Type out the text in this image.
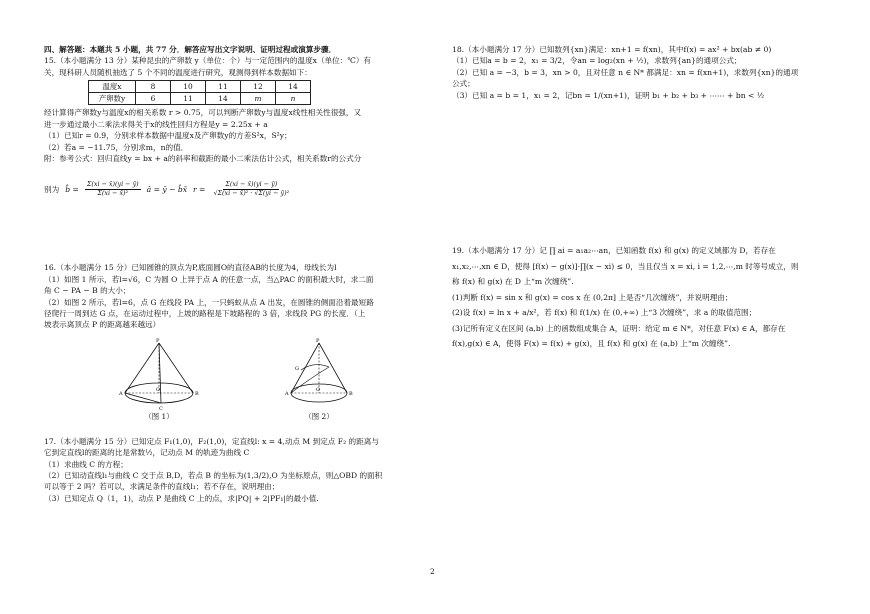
四、解答题：本题共 5 小题，共 77 分．解答应写出文字说明、证明过程或演算步骤．

15.（本小题满分 13 分）某种昆虫的产卵数 y（单位：个）与一定范围内的温度x（单位：℃）有

关，现科研人员随机抽选了 5 个不同的温度进行研究，观测得到样本数据如下：

温度x	8	10	11	12	14
产卵数y	6	11	14	m	n

经计算得产卵数y与温度x的相关系数 r > 0.75，可以判断产卵数y与温度x线性相关性很强，又

进一步通过最小二乘法求得关于x的线性回归方程是y = 2.25x + a

（1）已知r = 0.9，分别求样本数据中温度x及产卵数y的方差S²x，S²y；

（2）若a = −11.75，分别求m，n的值．

附：参考公式：回归直线y = bx + a的斜率和截距的最小二乘法估计公式，相关系数r的公式分

别为 b̂ = $\frac{\Sigma(xi - x̄)(yi - ȳ)}{\text{Σ(xi − x̄)²}}$ â = ȳ − b̂x̄ $r = \frac{\Sigma(xi - x̄)(yi - ȳ)}{\text{√Σ(xi − x̄)² · √Σ(yi − ȳ)²}}$

16.（本小题满分 15 分）已知圆锥的顶点为P,底面圆O的直径AB的长度为4，母线长为l

（1）如图 1 所示，若l=√6，C 为圆 O 上异于点 A 的任意一点，当△PAC 的面积最大时，求二面

角 C − PA − B 的大小；

（2）如图 2 所示，若l=6，点 G 在线段 PA 上，一只蚂蚁从点 A 出发，在圆锥的侧面沿着最短路

径爬行一周到达 G 点，在运动过程中，上坡的路程是下坡路程的 3 倍，求线段 PG 的长度．（上

坡表示离顶点 P 的距离越来越远）

P
A
O
B
C
（图 1）
P
G
A
O
B
（图 2）

17.（本小题满分 15 分）已知定点 F₁(1,0)，F₂(1,0)，定直线l: x = 4,动点 M 到定点 F₂ 的距离与

它到定直线l的距离的比是常数½，记动点 M 的轨迹为曲线 C

（1）求曲线 C 的方程；

（2）已知动直线l₁与曲线 C 交于点 B,D，若点 B 的坐标为(1,3/2),O 为坐标原点，则△OBD 的面积

可以等于 2 吗？若可以，求满足条件的直线l₁；若不存在，说明理由；

（3）已知定点 Q（1，1)，动点 P 是曲线 C 上的点，求|PQ| + 2|PF₁|的最小值.

18.（本小题满分 17 分）已知数列{xn}满足：xn+1 = f(xn)，其中f(x) = ax² + bx(ab ≠ 0)

（1）已知a = b = 2，x₁ = 3/2，令an = log₂(xn + ½)，求数列{an}的通项公式；

（2）已知 a = −3，b = 3，xn > 0，且对任意 n ∈ N* 都满足：xn = f(xn+1)，求数列{xn}的通项

公式；

（3）已知 a = b = 1，x₁ = 2，记bn = 1/(xn+1)，证明 b₁ + b₂ + b₃ + ⋯⋯ + bn < ½

19.（本小题满分 17 分）记 ∏ ai = a₁a₂⋯an，已知函数 f(x) 和 g(x) 的定义域都为 D，若存在

x₁,x₂,⋯,xn ∈ D，使得 [f(x) − g(x)]·∏(x − xi) ≤ 0，当且仅当 x = xi, i = 1,2,⋯,m 时等号成立，则

称 f(x) 和 g(x) 在 D 上“m 次缠绕”.

(1)判断 f(x) = sin x 和 g(x) = cos x 在 (0,2π] 上是否“几次缠绕”，并说明理由；

(2)设 f(x) = ln x + a/x²，若 f(x) 和 f(1/x) 在 (0,+∞) 上“3 次缠绕”，求 a 的取值范围；

(3)记所有定义在区间 (a,b) 上的函数组成集合 A，证明：给定 m ∈ N*，对任意 F(x) ∈ A，都存在

f(x),g(x) ∈ A，使得 F(x) = f(x) + g(x)，且 f(x) 和 g(x) 在 (a,b) 上“m 次缠绕”.

2
